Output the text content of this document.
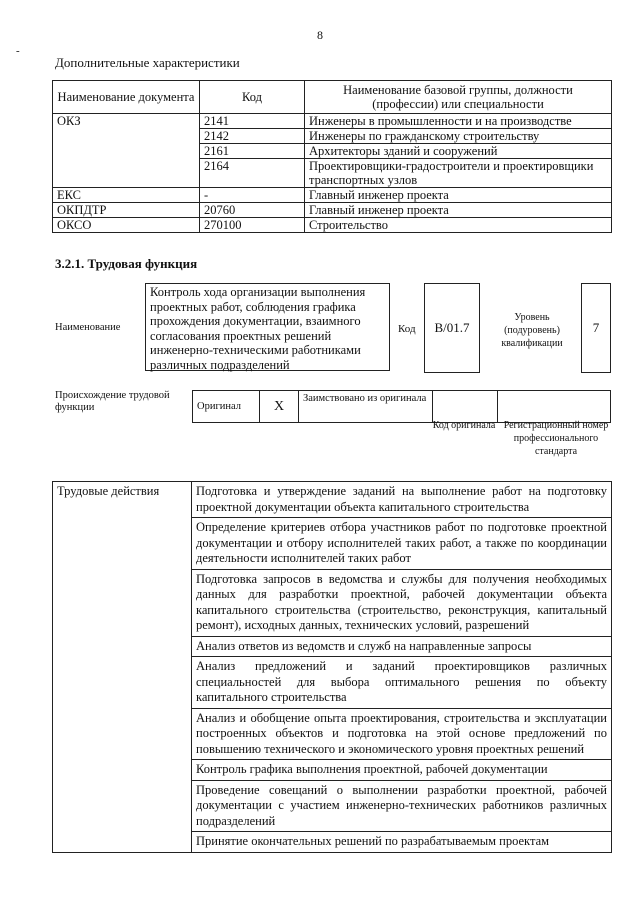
8
-
Дополнительные характеристики
Наименование документа	Код	Наименование базовой группы, должности (профессии) или специальности
ОКЗ	2141	Инженеры в промышленности и на производстве
	2142	Инженеры по гражданскому строительству
	2161	Архитекторы зданий и сооружений
	2164	Проектировщики-градостроители и проектировщики транспортных узлов
ЕКС	-	Главный инженер проекта
ОКПДТР	20760	Главный инженер проекта
ОКСО	270100	Строительство
3.2.1. Трудовая функция
Наименование
Контроль хода организации выполнения проектных работ, соблюдения графика прохождения документации, взаимного согласования проектных решений инженерно-техническими работниками различных подразделений
Код	В/01.7
Уровень (подуровень) квалификации
7
Происхождение трудовой функции	Оригинал	X	Заимствовано из оригинала		
Код оригинала Регистрационный номер профессионального стандарта
Трудовые действия	Подготовка и утверждение заданий на выполнение работ на подготовку проектной документации объекта капитального строительства
Определение критериев отбора участников работ по подготовке проектной документации и отбору исполнителей таких работ, а также по координации деятельности исполнителей таких работ
Подготовка запросов в ведомства и службы для получения необходимых данных для разработки проектной, рабочей документации объекта капитального строительства (строительство, реконструкция, капитальный ремонт), исходных данных, технических условий, разрешений
Анализ ответов из ведомств и служб на направленные запросы
Анализ предложений и заданий проектировщиков различных специальностей для выбора оптимального решения по объекту капитального строительства
Анализ и обобщение опыта проектирования, строительства и эксплуатации построенных объектов и подготовка на этой основе предложений по повышению технического и экономического уровня проектных решений
Контроль графика выполнения проектной, рабочей документации
Проведение совещаний о выполнении разработки проектной, рабочей документации с участием инженерно-технических работников различных подразделений
Принятие окончательных решений по разрабатываемым проектам
